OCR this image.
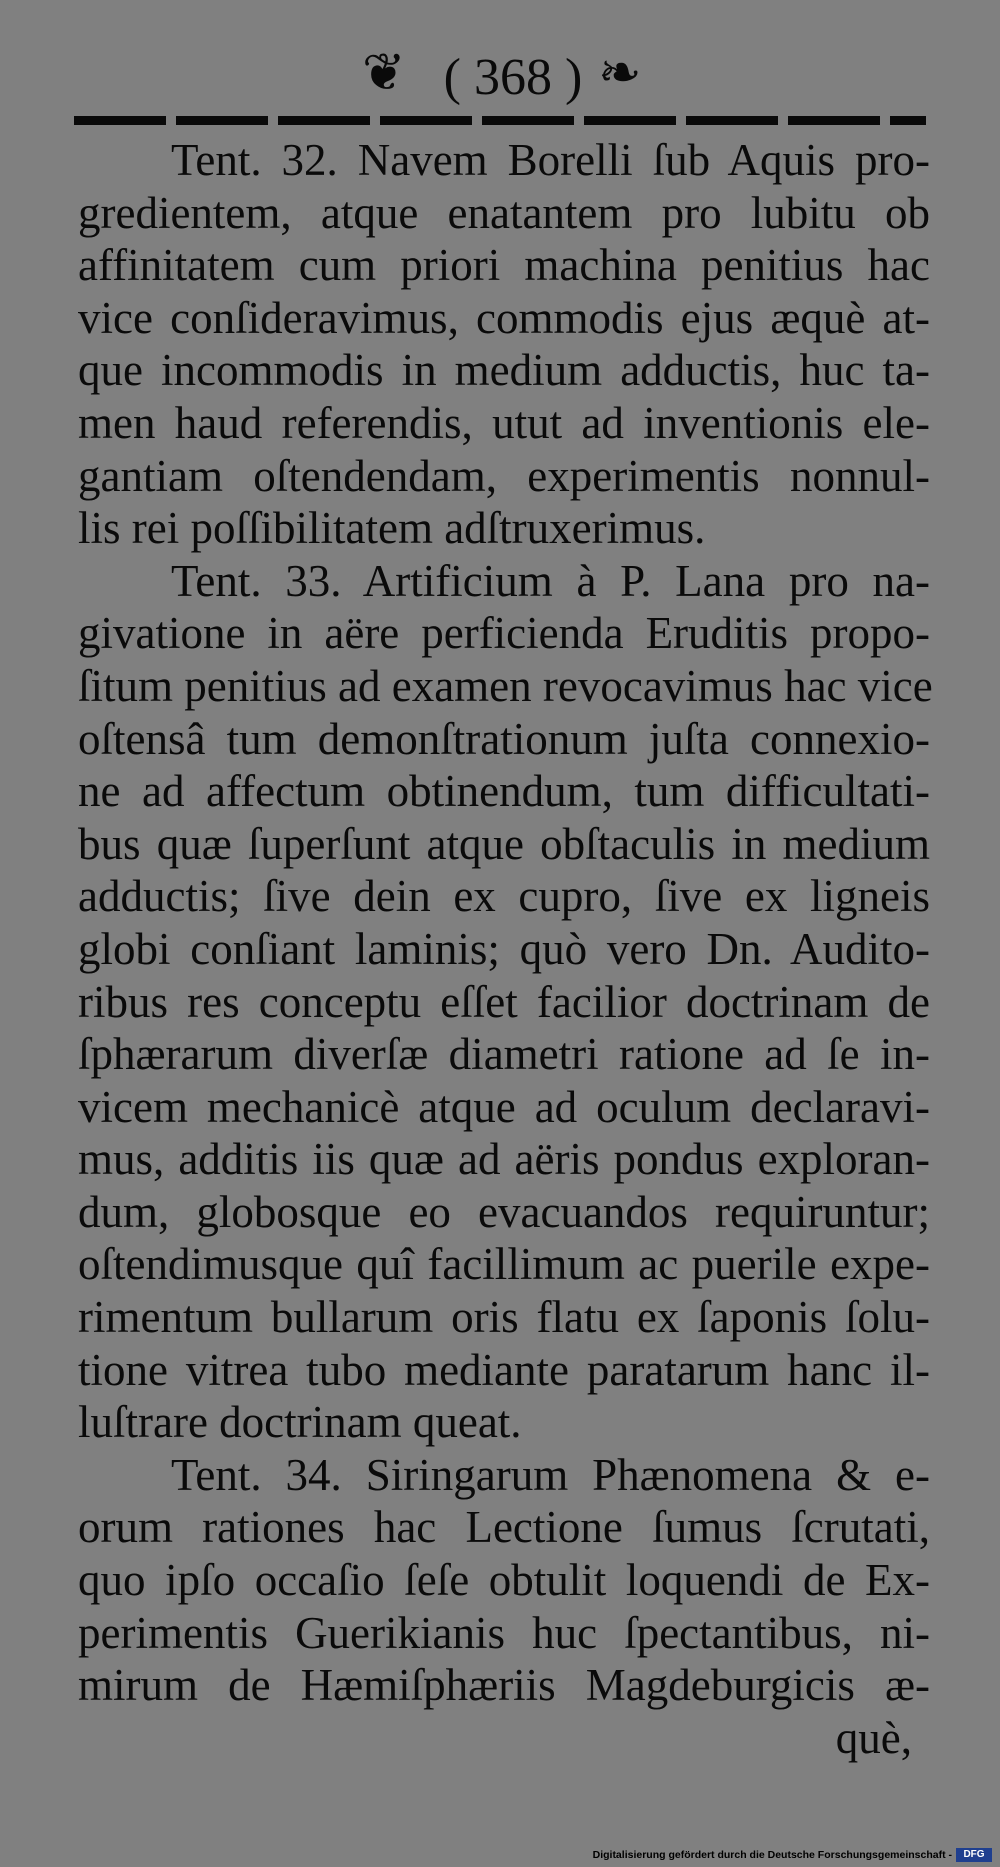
❦ ( 368 ) ❧
Tent. 32. Navem Borelli ſub Aquis pro-
gredientem, atque enatantem pro lubitu ob
affinitatem cum priori machina penitius hac
vice conſideravimus, commodis ejus æquè at-
que incommodis in medium adductis, huc ta-
men haud referendis, utut ad inventionis ele-
gantiam oſtendendam, experimentis nonnul-
lis rei poſſibilitatem adſtruxerimus.
Tent. 33. Artificium à P. Lana pro na-
givatione in aëre perficienda Eruditis propo-
ſitum penitius ad examen revocavimus hac vice
oſtensâ tum demonſtrationum juſta connexio-
ne ad affectum obtinendum, tum difficultati-
bus quæ ſuperſunt atque obſtaculis in medium
adductis; ſive dein ex cupro, ſive ex ligneis
globi conſiant laminis; quò vero Dn. Audito-
ribus res conceptu eſſet facilior doctrinam de
ſphærarum diverſæ diametri ratione ad ſe in-
vicem mechanicè atque ad oculum declaravi-
mus, additis iis quæ ad aëris pondus exploran-
dum, globosque eo evacuandos requiruntur;
oſtendimusque quî facillimum ac puerile expe-
rimentum bullarum oris flatu ex ſaponis ſolu-
tione vitrea tubo mediante paratarum hanc il-
luſtrare doctrinam queat.
Tent. 34. Siringarum Phænomena & e-
orum rationes hac Lectione ſumus ſcrutati,
quo ipſo occaſio ſeſe obtulit loquendi de Ex-
perimentis Guerikianis huc ſpectantibus, ni-
mirum de Hæmiſphæriis Magdeburgicis æ-
què,
Digitalisierung gefördert durch die Deutsche Forschungsgemeinschaft -	DFG
